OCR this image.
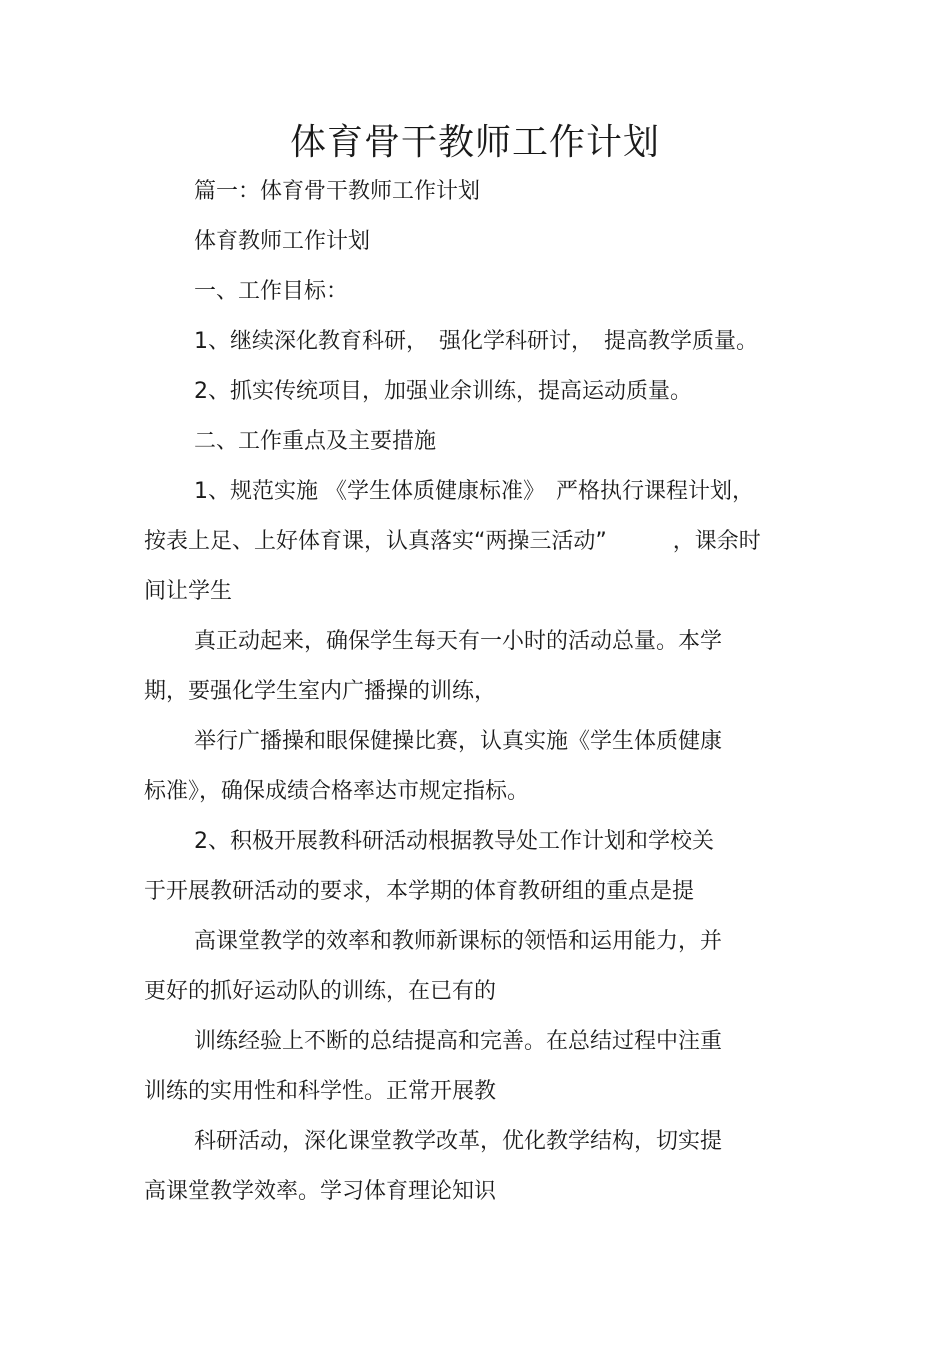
体育骨干教师工作计划
篇一：体育骨干教师工作计划
体育教师工作计划
一、工作目标：
1、继续深化教育科研，　强化学科研讨，　提高教学质量。
2、抓实传统项目，加强业余训练，提高运动质量。
二、工作重点及主要措施
1、规范实施 《学生体质健康标准》　严格执行课程计划，
按表上足、上好体育课，认真落实“两操三活动”　　　，课余时
间让学生
真正动起来，确保学生每天有一小时的活动总量。本学
期，要强化学生室内广播操的训练，
举行广播操和眼保健操比赛，认真实施《学生体质健康
标准》，确保成绩合格率达市规定指标。
2、积极开展教科研活动根据教导处工作计划和学校关
于开展教研活动的要求，本学期的体育教研组的重点是提
高课堂教学的效率和教师新课标的领悟和运用能力，并
更好的抓好运动队的训练，在已有的
训练经验上不断的总结提高和完善。在总结过程中注重
训练的实用性和科学性。正常开展教
科研活动，深化课堂教学改革，优化教学结构，切实提
高课堂教学效率。学习体育理论知识
